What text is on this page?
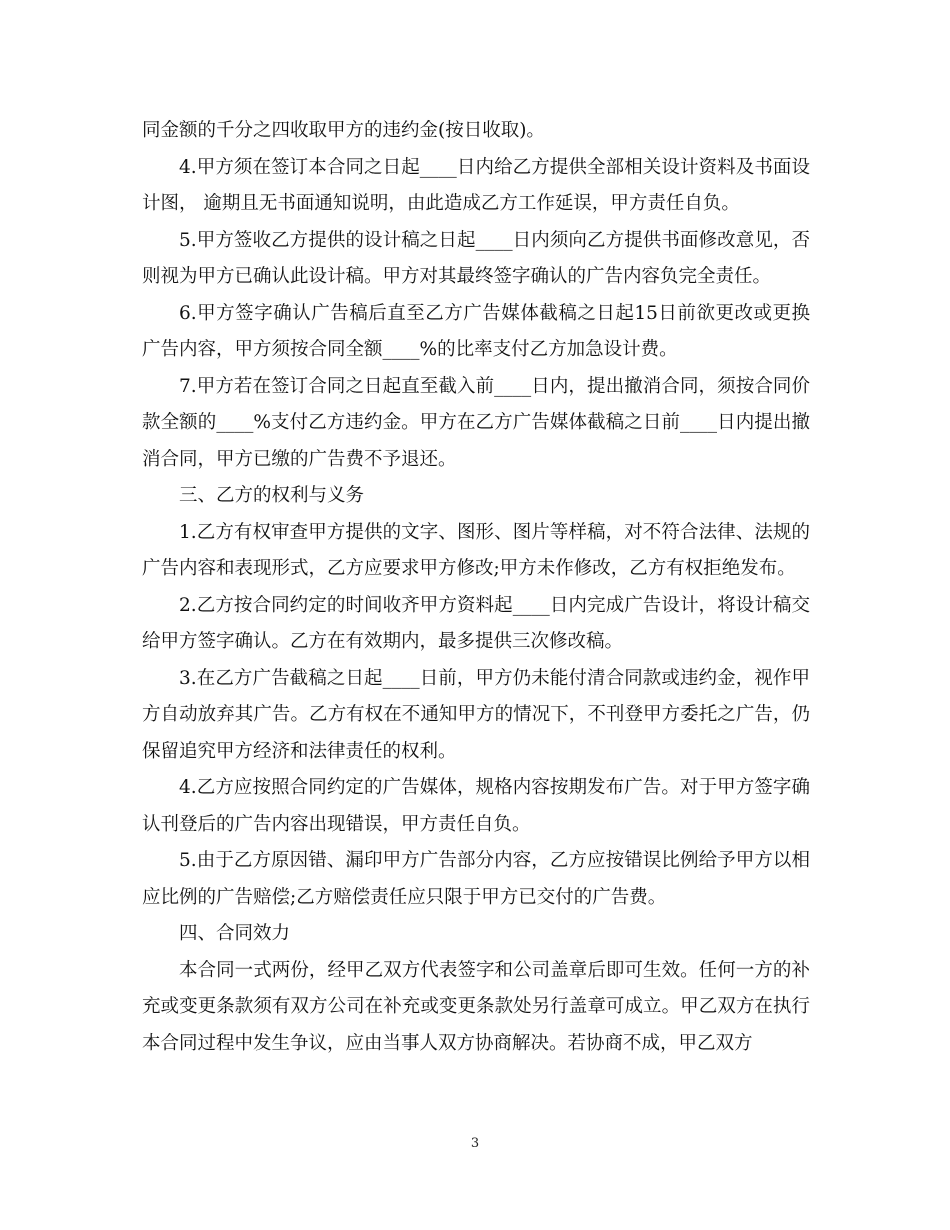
同金额的千分之四收取甲方的违约金(按日收取)。

4.甲方须在签订本合同之日起____日内给乙方提供全部相关设计资料及书面设计图， 逾期且无书面通知说明，由此造成乙方工作延误，甲方责任自负。

5.甲方签收乙方提供的设计稿之日起____日内须向乙方提供书面修改意见，否则视为甲方已确认此设计稿。甲方对其最终签字确认的广告内容负完全责任。

6.甲方签字确认广告稿后直至乙方广告媒体截稿之日起15日前欲更改或更换广告内容，甲方须按合同全额____%的比率支付乙方加急设计费。

7.甲方若在签订合同之日起直至截入前____日内，提出撤消合同，须按合同价款全额的____%支付乙方违约金。甲方在乙方广告媒体截稿之日前____日内提出撤消合同，甲方已缴的广告费不予退还。

三、乙方的权利与义务

1.乙方有权审查甲方提供的文字、图形、图片等样稿，对不符合法律、法规的广告内容和表现形式，乙方应要求甲方修改;甲方未作修改，乙方有权拒绝发布。

2.乙方按合同约定的时间收齐甲方资料起____日内完成广告设计，将设计稿交给甲方签字确认。乙方在有效期内，最多提供三次修改稿。

3.在乙方广告截稿之日起____日前，甲方仍未能付清合同款或违约金，视作甲方自动放弃其广告。乙方有权在不通知甲方的情况下，不刊登甲方委托之广告，仍保留追究甲方经济和法律责任的权利。

4.乙方应按照合同约定的广告媒体，规格内容按期发布广告。对于甲方签字确认刊登后的广告内容出现错误，甲方责任自负。

5.由于乙方原因错、漏印甲方广告部分内容，乙方应按错误比例给予甲方以相应比例的广告赔偿;乙方赔偿责任应只限于甲方已交付的广告费。

四、合同效力

本合同一式两份，经甲乙双方代表签字和公司盖章后即可生效。任何一方的补充或变更条款须有双方公司在补充或变更条款处另行盖章可成立。甲乙双方在执行本合同过程中发生争议，应由当事人双方协商解决。若协商不成，甲乙双方

3
